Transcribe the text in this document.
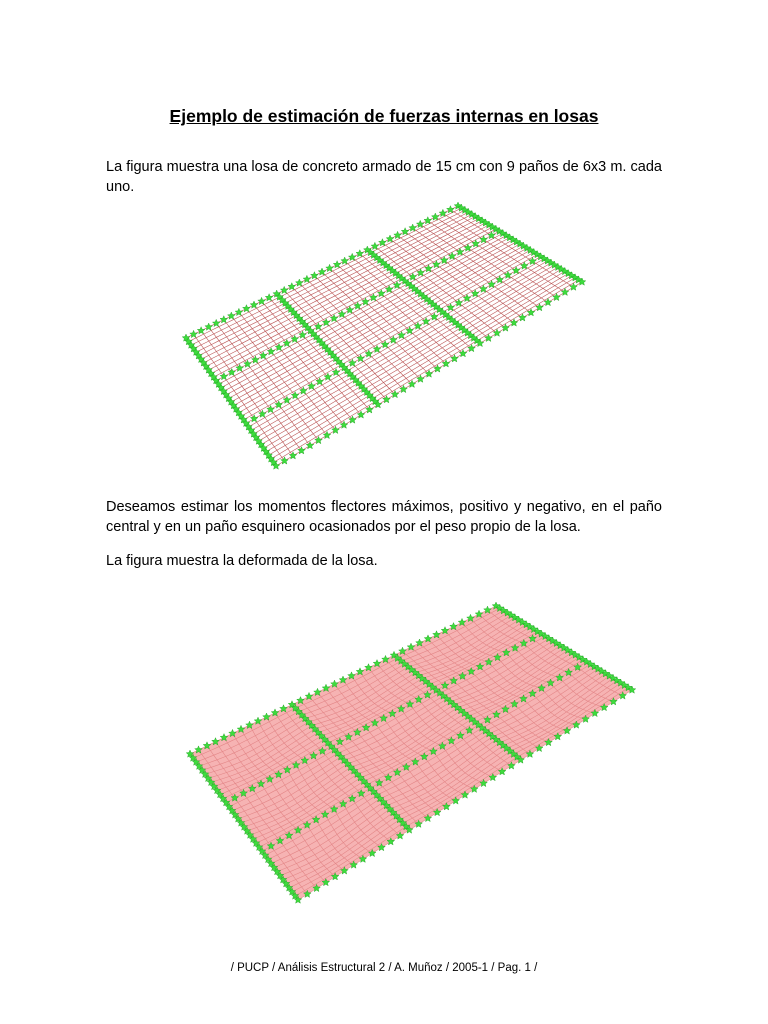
Ejemplo de estimación de fuerzas internas en losas
La figura muestra una losa de concreto armado de 15 cm con 9 paños de 6x3 m. cada uno.
Deseamos estimar los momentos flectores máximos, positivo y negativo, en el paño central y en un paño esquinero ocasionados por el peso propio de la losa.
La figura muestra la deformada de la losa.
/ PUCP / Análisis Estructural 2 / A. Muñoz / 2005-1 / Pag. 1 /
